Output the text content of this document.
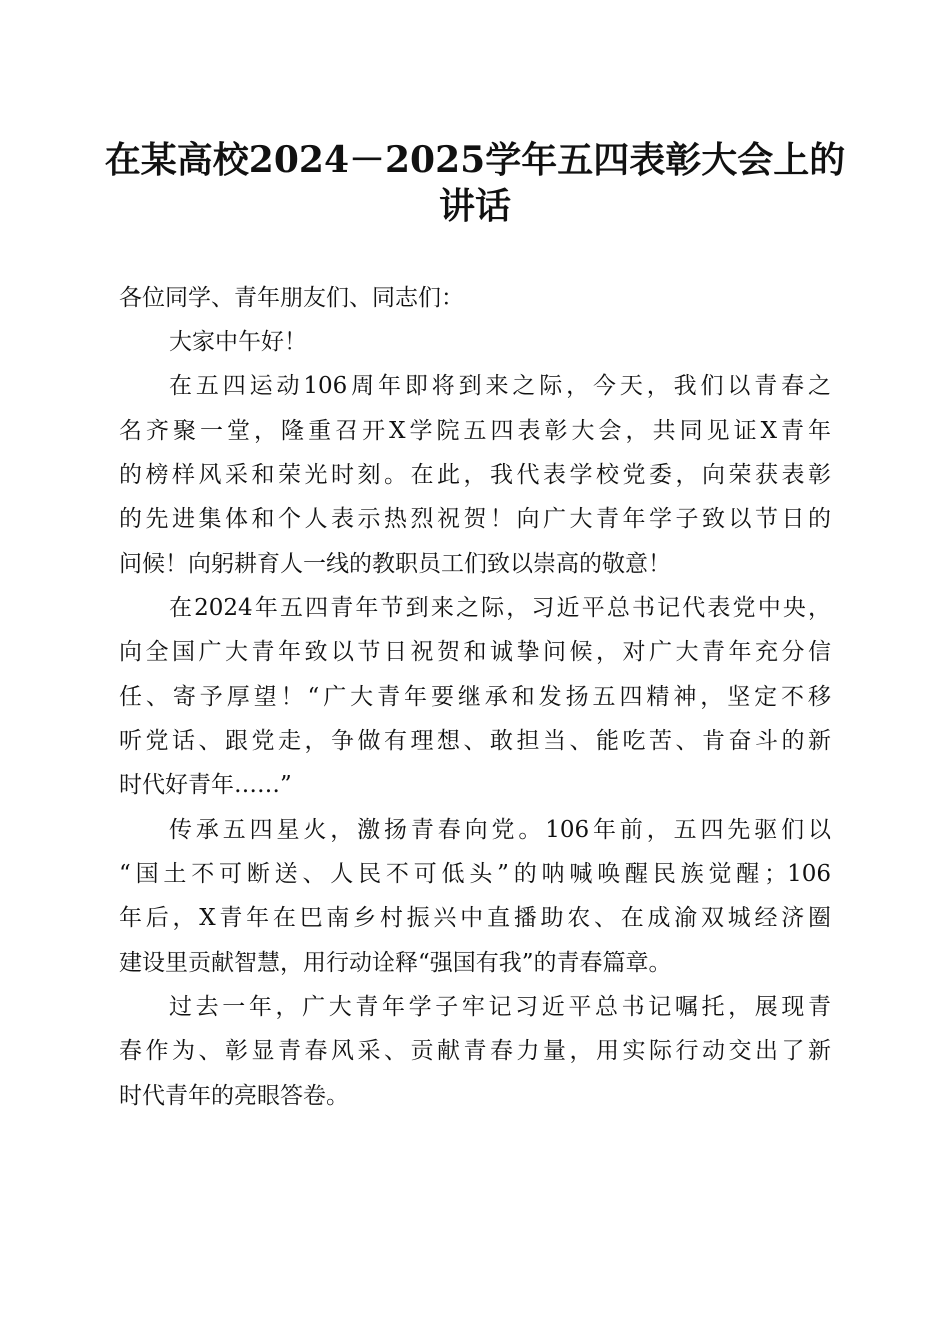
在某高校2024－2025学年五四表彰大会上的
讲话
各位同学、青年朋友们、同志们：
大家中午好！
在五四运动106周年即将到来之际，今天，我们以青春之
名齐聚一堂，隆重召开X学院五四表彰大会，共同见证X青年
的榜样风采和荣光时刻。在此，我代表学校党委，向荣获表彰
的先进集体和个人表示热烈祝贺！向广大青年学子致以节日的
问候！向躬耕育人一线的教职员工们致以崇高的敬意！
在2024年五四青年节到来之际，习近平总书记代表党中央，
向全国广大青年致以节日祝贺和诚挚问候，对广大青年充分信
任、寄予厚望！“广大青年要继承和发扬五四精神，坚定不移
听党话、跟党走，争做有理想、敢担当、能吃苦、肯奋斗的新
时代好青年……”
传承五四星火，激扬青春向党。106年前，五四先驱们以
“国土不可断送、人民不可低头”的呐喊唤醒民族觉醒；106
年后，X青年在巴南乡村振兴中直播助农、在成渝双城经济圈
建设里贡献智慧，用行动诠释“强国有我”的青春篇章。
过去一年，广大青年学子牢记习近平总书记嘱托，展现青
春作为、彰显青春风采、贡献青春力量，用实际行动交出了新
时代青年的亮眼答卷。
